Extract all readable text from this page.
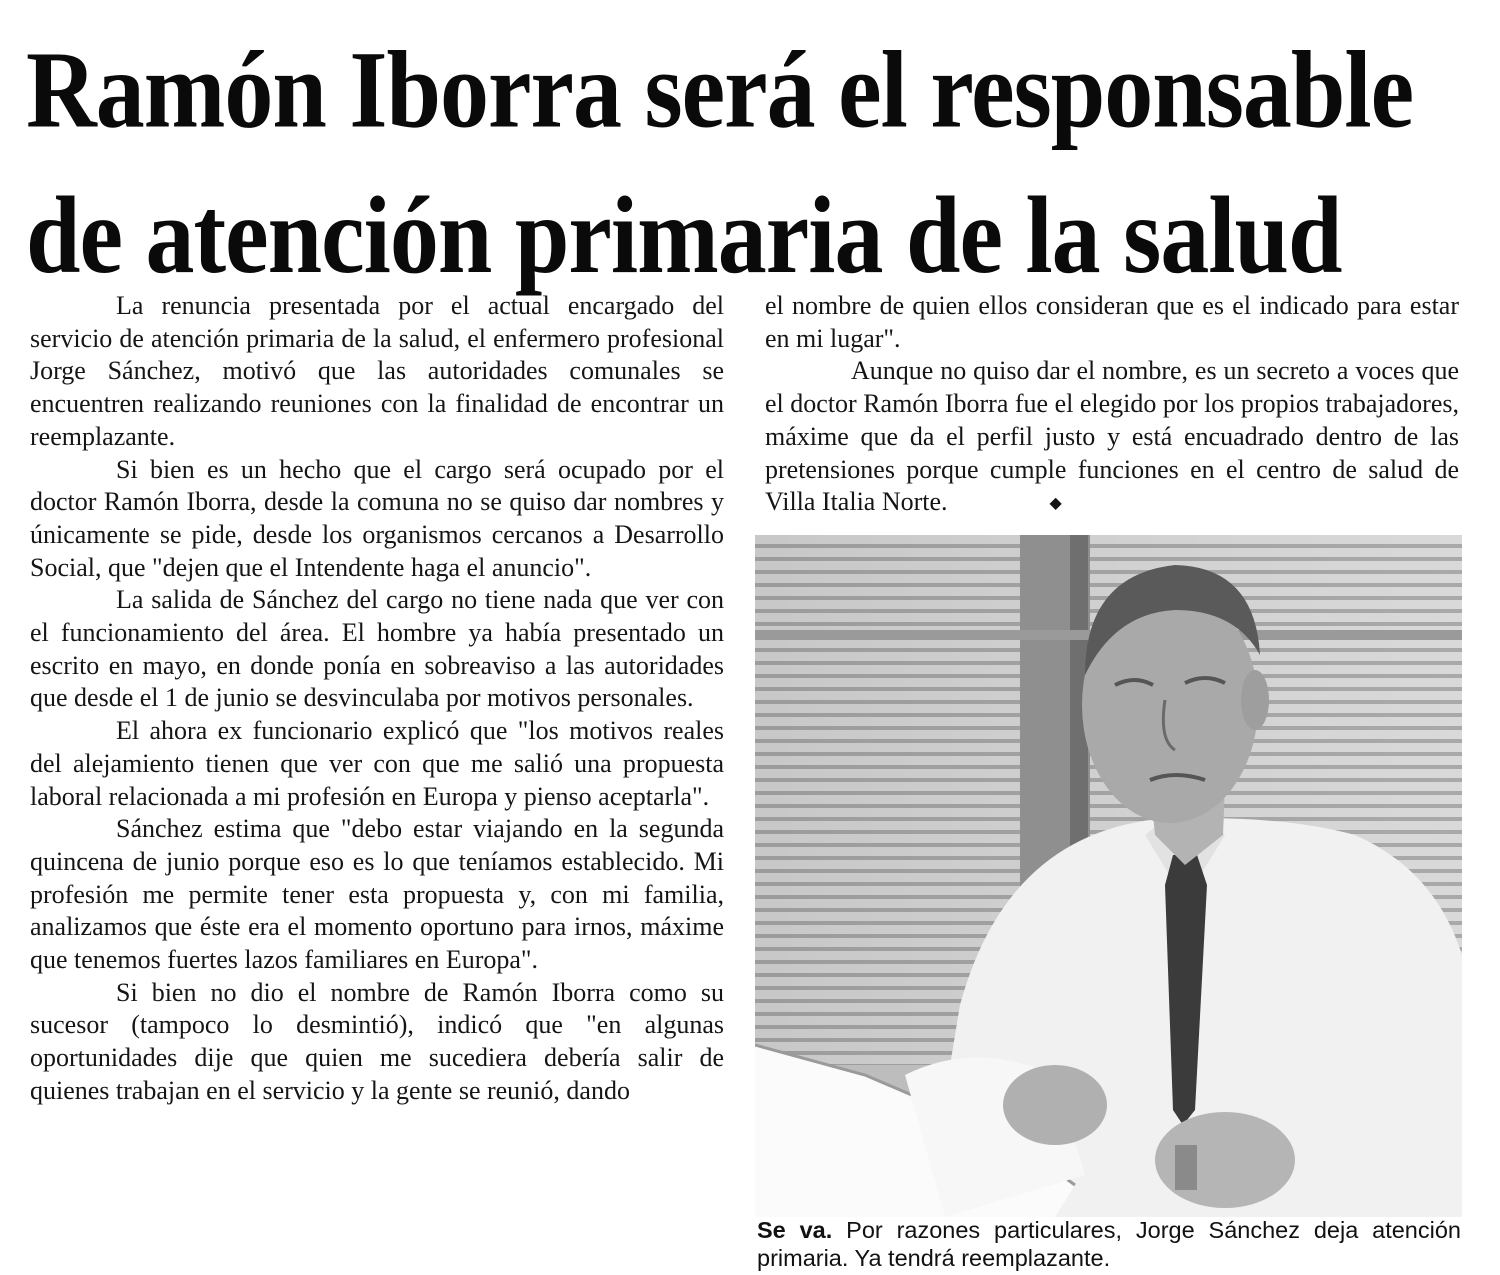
Ramón Iborra será el responsable
de atención primaria de la salud

La renuncia presentada por el actual encargado del servicio de atención primaria de la salud, el enfermero profesional Jorge Sánchez, motivó que las autoridades comunales se encuentren realizando reuniones con la finalidad de encontrar un reemplazante.

Si bien es un hecho que el cargo será ocupado por el doctor Ramón Iborra, desde la comuna no se quiso dar nombres y únicamente se pide, desde los organismos cercanos a Desarrollo Social, que "dejen que el Intendente haga el anuncio".

La salida de Sánchez del cargo no tiene nada que ver con el funcionamiento del área. El hombre ya había presentado un escrito en mayo, en donde ponía en sobreaviso a las autoridades que desde el 1 de junio se desvinculaba por motivos personales.

El ahora ex funcionario explicó que "los motivos reales del alejamiento tienen que ver con que me salió una propuesta laboral relacionada a mi profesión en Europa y pienso aceptarla".

Sánchez estima que "debo estar viajando en la segunda quincena de junio porque eso es lo que teníamos establecido. Mi profesión me permite tener esta propuesta y, con mi familia, analizamos que éste era el momento oportuno para irnos, máxime que tenemos fuertes lazos familiares en Europa".

Si bien no dio el nombre de Ramón Iborra como su sucesor (tampoco lo desmintió), indicó que "en algunas oportunidades dije que quien me sucediera debería salir de quienes trabajan en el servicio y la gente se reunió, dando

el nombre de quien ellos consideran que es el indicado para estar en mi lugar".

Aunque no quiso dar el nombre, es un secreto a voces que el doctor Ramón Iborra fue el elegido por los propios trabajadores, máxime que da el perfil justo y está encuadrado dentro de las pretensiones porque cumple funciones en el centro de salud de Villa Italia Norte.	◆

Se va. Por razones particulares, Jorge Sánchez deja atención primaria. Ya tendrá reemplazante.
